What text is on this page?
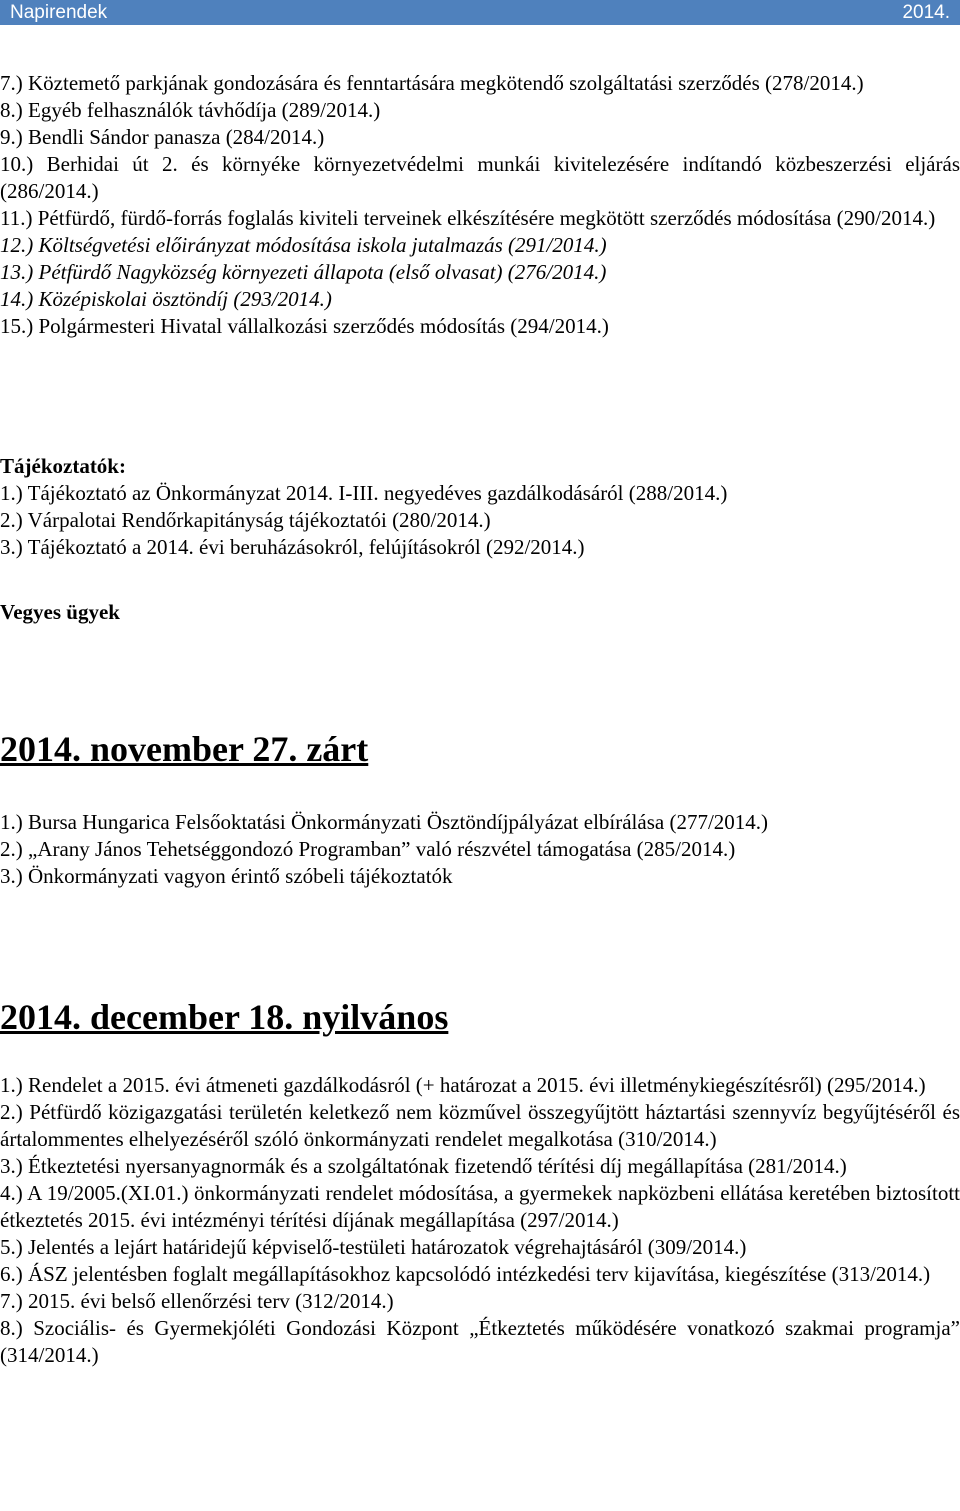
Napirendek	2014.
7.) Köztemető parkjának gondozására és fenntartására megkötendő szolgáltatási szerződés (278/2014.)
8.) Egyéb felhasználók távhődíja (289/2014.)
9.) Bendli Sándor panasza (284/2014.)
10.) Berhidai út 2. és környéke környezetvédelmi munkái kivitelezésére indítandó közbeszerzési eljárás (286/2014.)
11.) Pétfürdő, fürdő-forrás foglalás kiviteli terveinek elkészítésére megkötött szerződés módosítása (290/2014.)
12.) Költségvetési előirányzat módosítása iskola jutalmazás (291/2014.)
13.) Pétfürdő Nagyközség környezeti állapota (első olvasat) (276/2014.)
14.) Középiskolai ösztöndíj (293/2014.)
15.) Polgármesteri Hivatal vállalkozási szerződés módosítás (294/2014.)
Tájékoztatók:
1.) Tájékoztató az Önkormányzat 2014. I-III. negyedéves gazdálkodásáról (288/2014.)
2.) Várpalotai Rendőrkapitányság tájékoztatói (280/2014.)
3.) Tájékoztató a 2014. évi beruházásokról, felújításokról (292/2014.)
Vegyes ügyek
2014. november 27. zárt
1.) Bursa Hungarica Felsőoktatási Önkormányzati Ösztöndíjpályázat elbírálása (277/2014.)
2.) „Arany János Tehetséggondozó Programban” való részvétel támogatása (285/2014.)
3.) Önkormányzati vagyon érintő szóbeli tájékoztatók
2014. december 18. nyilvános
1.) Rendelet a 2015. évi átmeneti gazdálkodásról (+ határozat a 2015. évi illetménykiegészítésről) (295/2014.)
2.) Pétfürdő közigazgatási területén keletkező nem közművel összegyűjtött háztartási szennyvíz begyűjtéséről és ártalommentes elhelyezéséről szóló önkormányzati rendelet megalkotása (310/2014.)
3.) Étkeztetési nyersanyagnormák és a szolgáltatónak fizetendő térítési díj megállapítása (281/2014.)
4.) A 19/2005.(XI.01.) önkormányzati rendelet módosítása, a gyermekek napközbeni ellátása keretében biztosított étkeztetés 2015. évi intézményi térítési díjának megállapítása (297/2014.)
5.) Jelentés a lejárt határidejű képviselő-testületi határozatok végrehajtásáról (309/2014.)
6.) ÁSZ jelentésben foglalt megállapításokhoz kapcsolódó intézkedési terv kijavítása, kiegészítése (313/2014.)
7.) 2015. évi belső ellenőrzési terv (312/2014.)
8.) Szociális- és Gyermekjóléti Gondozási Központ „Étkeztetés működésére vonatkozó szakmai programja” (314/2014.)
